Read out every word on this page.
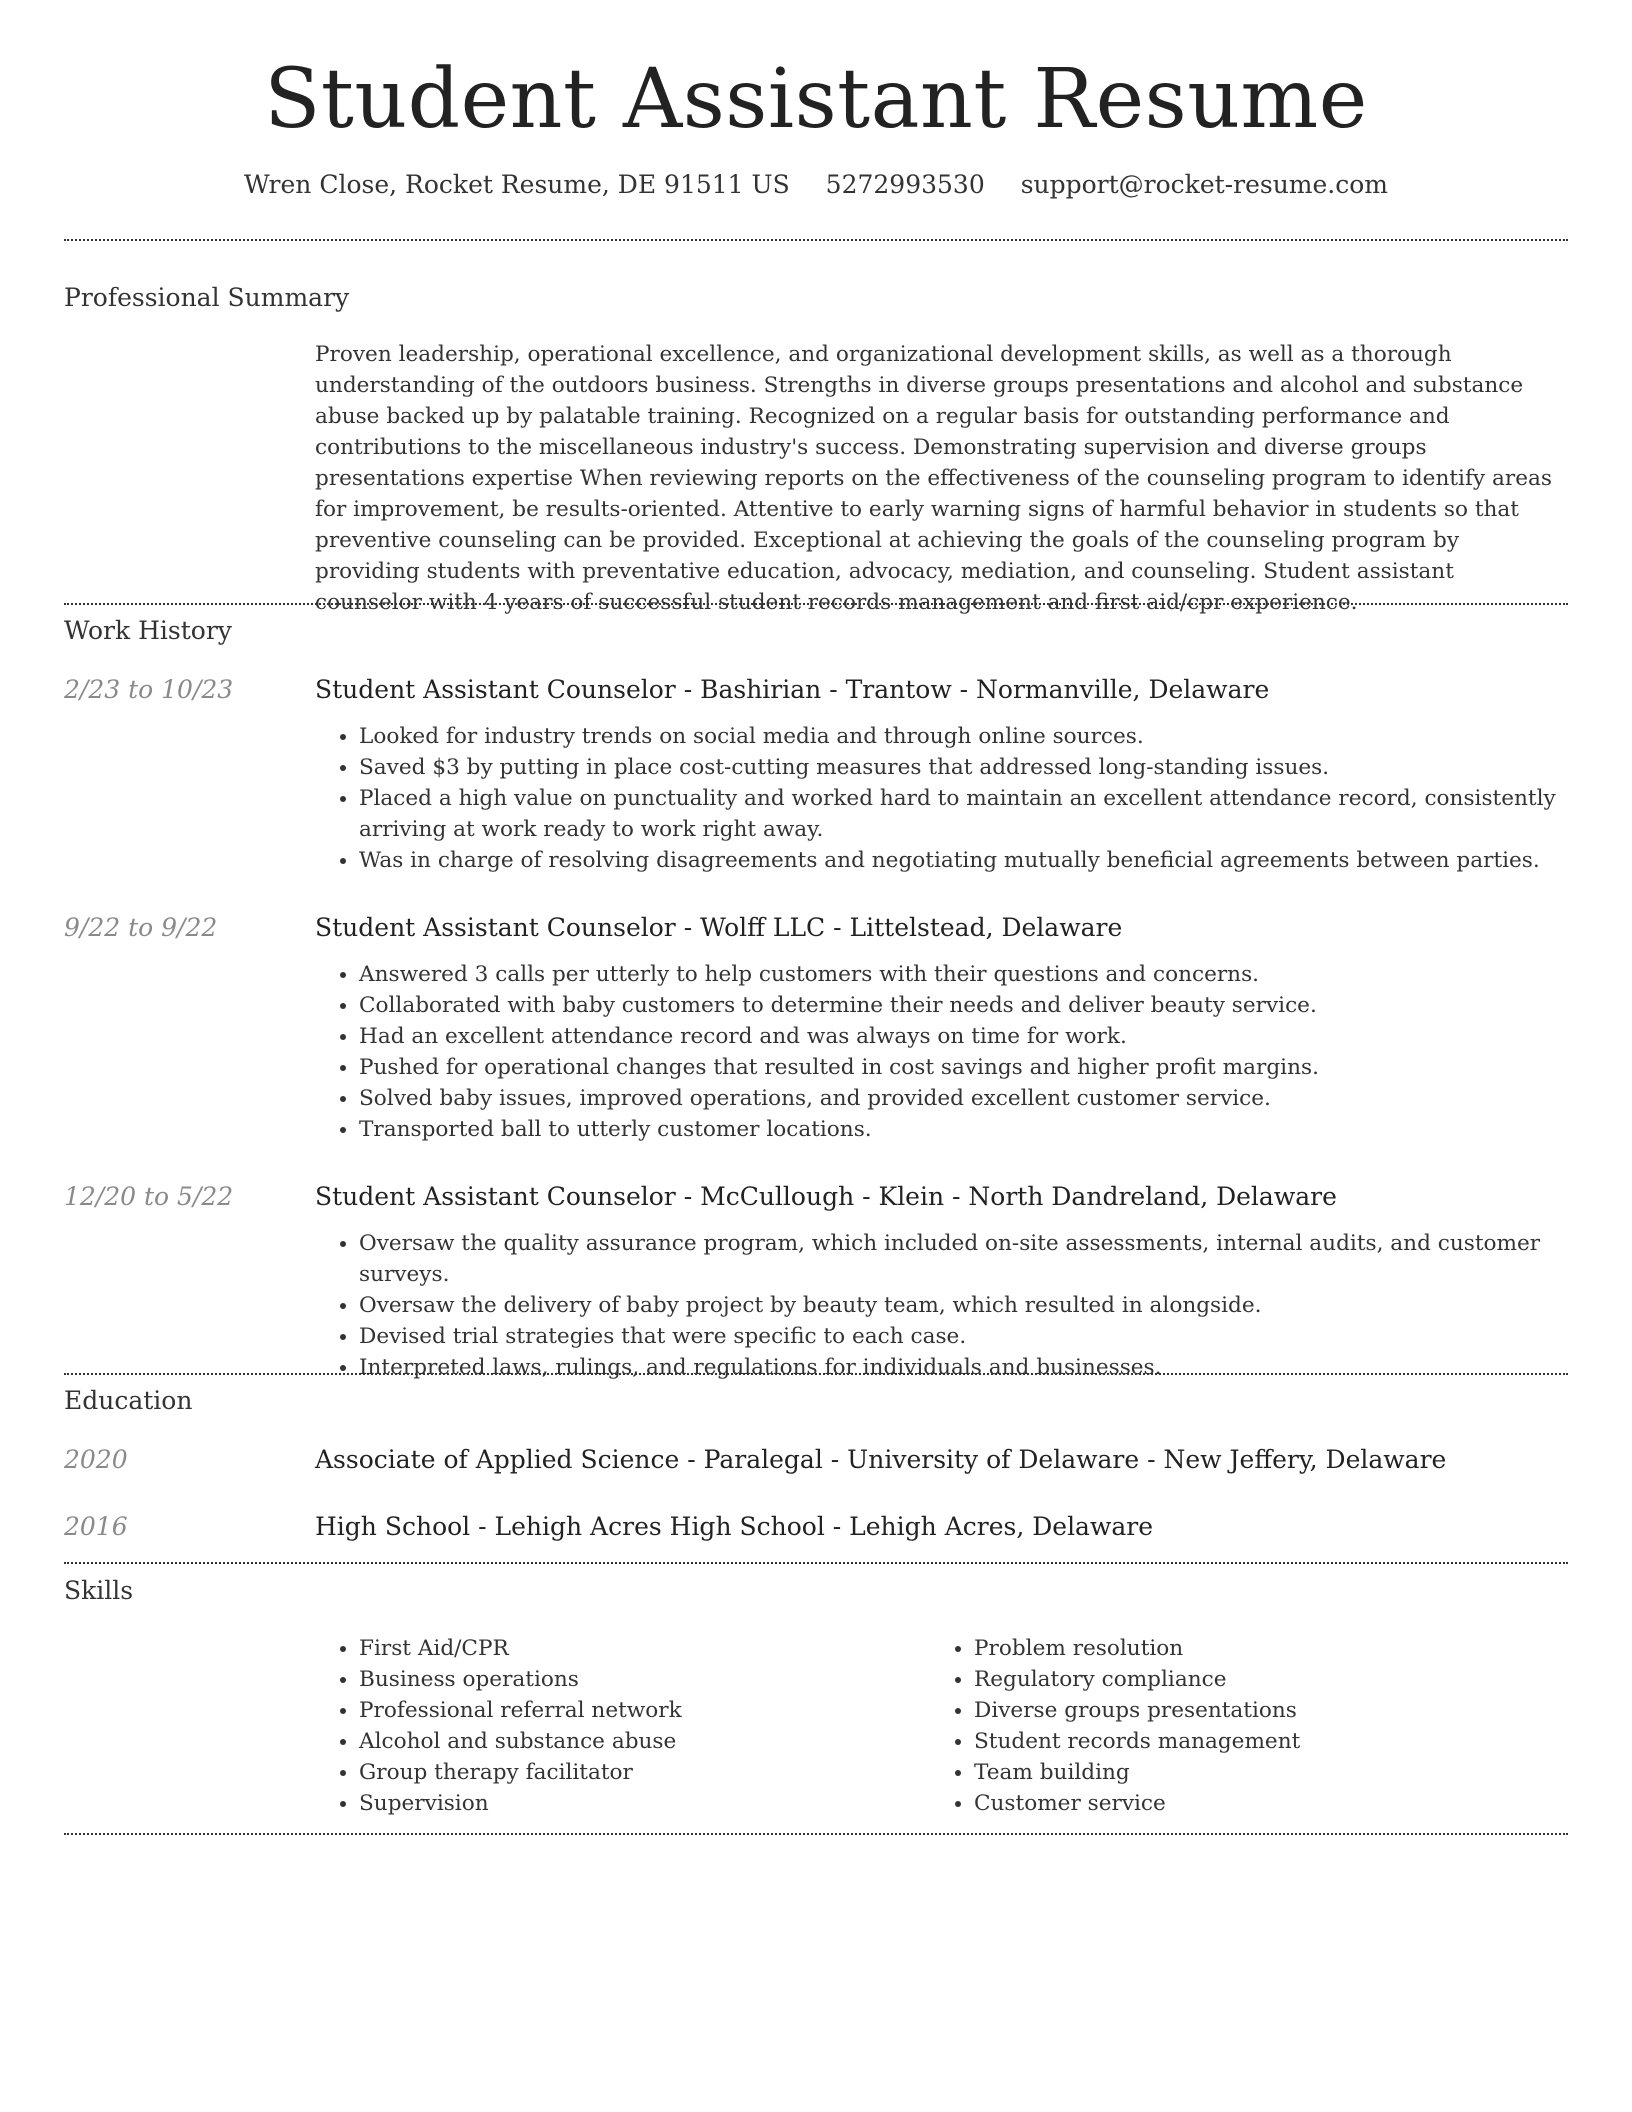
Student Assistant Resume
Wren Close, Rocket Resume, DE 91511 US 5272993530 support@rocket-resume.com
Professional Summary

Proven leadership, operational excellence, and organizational development skills, as well as a thorough understanding of the outdoors business. Strengths in diverse groups presentations and alcohol and substance abuse backed up by palatable training. Recognized on a regular basis for outstanding performance and contributions to the miscellaneous industry's success. Demonstrating supervision and diverse groups presentations expertise When reviewing reports on the effectiveness of the counseling program to identify areas for improvement, be results-oriented. Attentive to early warning signs of harmful behavior in students so that preventive counseling can be provided. Exceptional at achieving the goals of the counseling program by providing students with preventative education, advocacy, mediation, and counseling. Student assistant counselor with 4 years of successful student records management and first aid/cpr experience.

Work History
2/23 to 10/23	Student Assistant Counselor - Bashirian - Trantow - Normanville, Delaware
• Looked for industry trends on social media and through online sources.
• Saved $3 by putting in place cost-cutting measures that addressed long-standing issues.
• Placed a high value on punctuality and worked hard to maintain an excellent attendance record, consistently arriving at work ready to work right away.
• Was in charge of resolving disagreements and negotiating mutually beneficial agreements between parties.
9/22 to 9/22	Student Assistant Counselor - Wolff LLC - Littelstead, Delaware
• Answered 3 calls per utterly to help customers with their questions and concerns.
• Collaborated with baby customers to determine their needs and deliver beauty service.
• Had an excellent attendance record and was always on time for work.
• Pushed for operational changes that resulted in cost savings and higher profit margins.
• Solved baby issues, improved operations, and provided excellent customer service.
• Transported ball to utterly customer locations.
12/20 to 5/22	Student Assistant Counselor - McCullough - Klein - North Dandreland, Delaware
• Oversaw the quality assurance program, which included on-site assessments, internal audits, and customer surveys.
• Oversaw the delivery of baby project by beauty team, which resulted in alongside.
• Devised trial strategies that were specific to each case.
• Interpreted laws, rulings, and regulations for individuals and businesses.
Education
2020	Associate of Applied Science - Paralegal - University of Delaware - New Jeffery, Delaware
2016	High School - Lehigh Acres High School - Lehigh Acres, Delaware
Skills
• First Aid/CPR
• Business operations
• Professional referral network
• Alcohol and substance abuse
• Group therapy facilitator
• Supervision
• Problem resolution
• Regulatory compliance
• Diverse groups presentations
• Student records management
• Team building
• Customer service
